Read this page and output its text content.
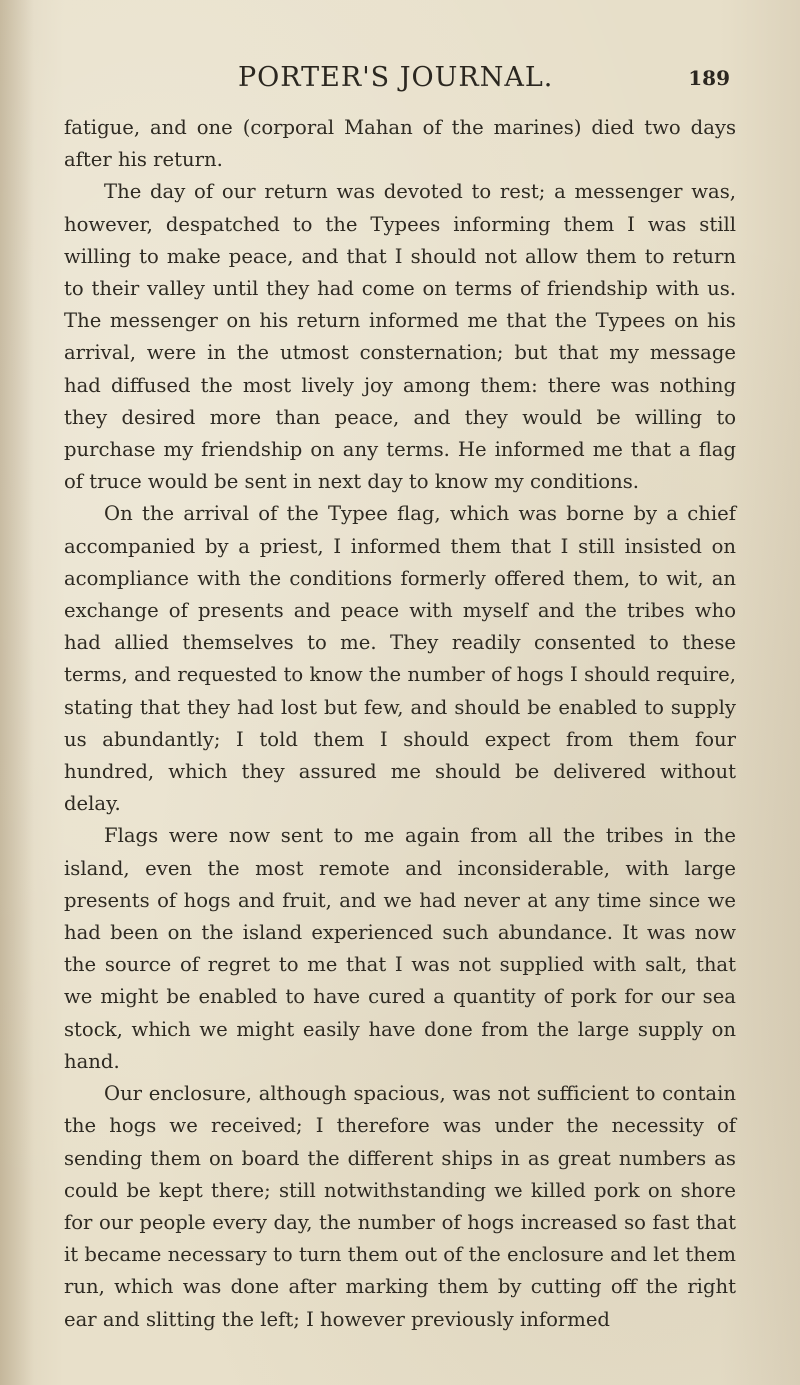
PORTER'S JOURNAL.	189

fatigue, and one (corporal Mahan of the marines) died two days after his return.

The day of our return was devoted to rest; a messenger was, however, despatched to the Typees informing them I was still willing to make peace, and that I should not allow them to return to their valley until they had come on terms of friendship with us. The messenger on his return informed me that the Typees on his arrival, were in the utmost consternation; but that my message had diffused the most lively joy among them: there was nothing they desired more than peace, and they would be willing to purchase my friendship on any terms. He informed me that a flag of truce would be sent in next day to know my conditions.

On the arrival of the Typee flag, which was borne by a chief accompanied by a priest, I informed them that I still insisted on acompliance with the conditions formerly offered them, to wit, an exchange of presents and peace with myself and the tribes who had allied themselves to me. They readily consented to these terms, and requested to know the number of hogs I should require, stating that they had lost but few, and should be enabled to supply us abundantly; I told them I should expect from them four hundred, which they assured me should be delivered without delay.

Flags were now sent to me again from all the tribes in the island, even the most remote and inconsiderable, with large presents of hogs and fruit, and we had never at any time since we had been on the island experienced such abundance. It was now the source of regret to me that I was not supplied with salt, that we might be enabled to have cured a quantity of pork for our sea stock, which we might easily have done from the large supply on hand.

Our enclosure, although spacious, was not sufficient to contain the hogs we received; I therefore was under the necessity of sending them on board the different ships in as great numbers as could be kept there; still notwithstanding we killed pork on shore for our people every day, the number of hogs increased so fast that it became necessary to turn them out of the enclosure and let them run, which was done after marking them by cutting off the right ear and slitting the left; I however previously informed
